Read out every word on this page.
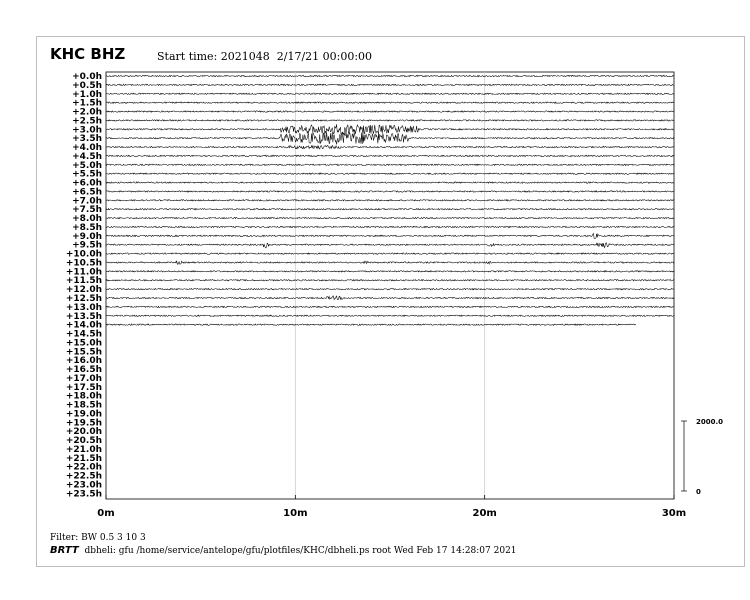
KHC BHZ	Start time: 2021048  2/17/21 00:00:00
0m	10m	20m	30m
+0.0h
+0.5h
+1.0h
+1.5h
+2.0h
+2.5h
+3.0h
+3.5h
+4.0h
+4.5h
+5.0h
+5.5h
+6.0h
+6.5h
+7.0h
+7.5h
+8.0h
+8.5h
+9.0h
+9.5h
+10.0h
+10.5h
+11.0h
+11.5h
+12.0h
+12.5h
+13.0h
+13.5h
+14.0h
+14.5h
+15.0h
+15.5h
+16.0h
+16.5h
+17.0h
+17.5h
+18.0h
+18.5h
+19.0h
+19.5h
+20.0h
+20.5h
+21.0h
+21.5h
+22.0h
+22.5h
+23.0h
+23.5h
2000.0
0
Filter: BW 0.5 3 10 3
BRTT dbheli: gfu /home/service/antelope/gfu/plotfiles/KHC/dbheli.ps root Wed Feb 17 14:28:07 2021
